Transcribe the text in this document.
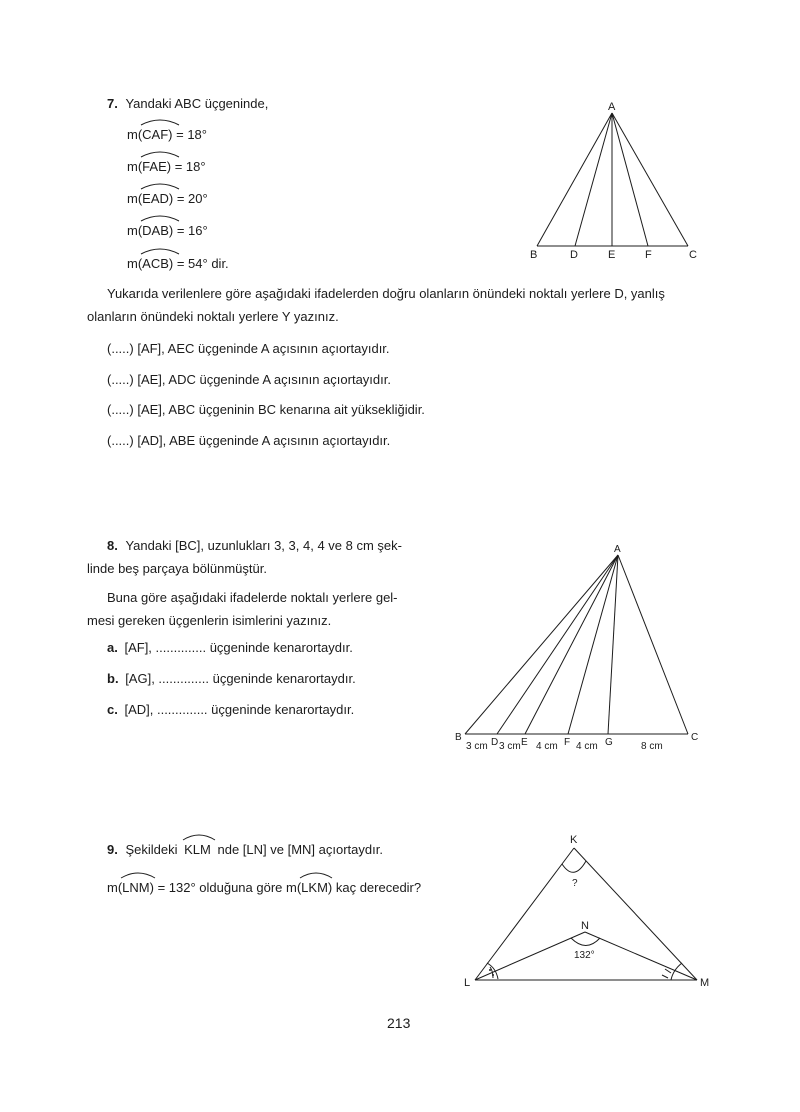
7. Yandaki ABC üçgeninde,
m(
CAF) = 18°
m(
FAE) = 18°
m(
EAD) = 20°
m(
DAB) = 16°
m(
ACB) = 54° dir.
A
B	D	E	F	C
Yukarıda verilenlere göre aşağıdaki ifadelerden doğru olanların önündeki noktalı yerlere D, yanlış
olanların önündeki noktalı yerlere Y yazınız.
(.....) [AF], AEC üçgeninde A açısının açıortayıdır.
(.....) [AE], ADC üçgeninde A açısının açıortayıdır.
(.....) [AE], ABC üçgeninin BC kenarına ait yüksekliğidir.
(.....) [AD], ABE üçgeninde A açısının açıortayıdır.
8. Yandaki [BC], uzunlukları 3, 3, 4, 4 ve 8 cm şek-
linde beş parçaya bölünmüştür.
Buna göre aşağıdaki ifadelerde noktalı yerlere gel-
mesi gereken üçgenlerin isimlerini yazınız.
a. [AF], .............. üçgeninde kenarortaydır.
b. [AG], .............. üçgeninde kenarortaydır.
c. [AD], .............. üçgeninde kenarortaydır.
A
B	C
D E	F	G
3 cm 3 cm 4 cm 4 cm	8 cm
9. Şekildeki KLM nde [LN] ve [MN] açıortaydır.
m(
LNM) = 132° olduğuna göre m(
LKM) kaç derecedir?
K
L	M
N
?
132°
213
